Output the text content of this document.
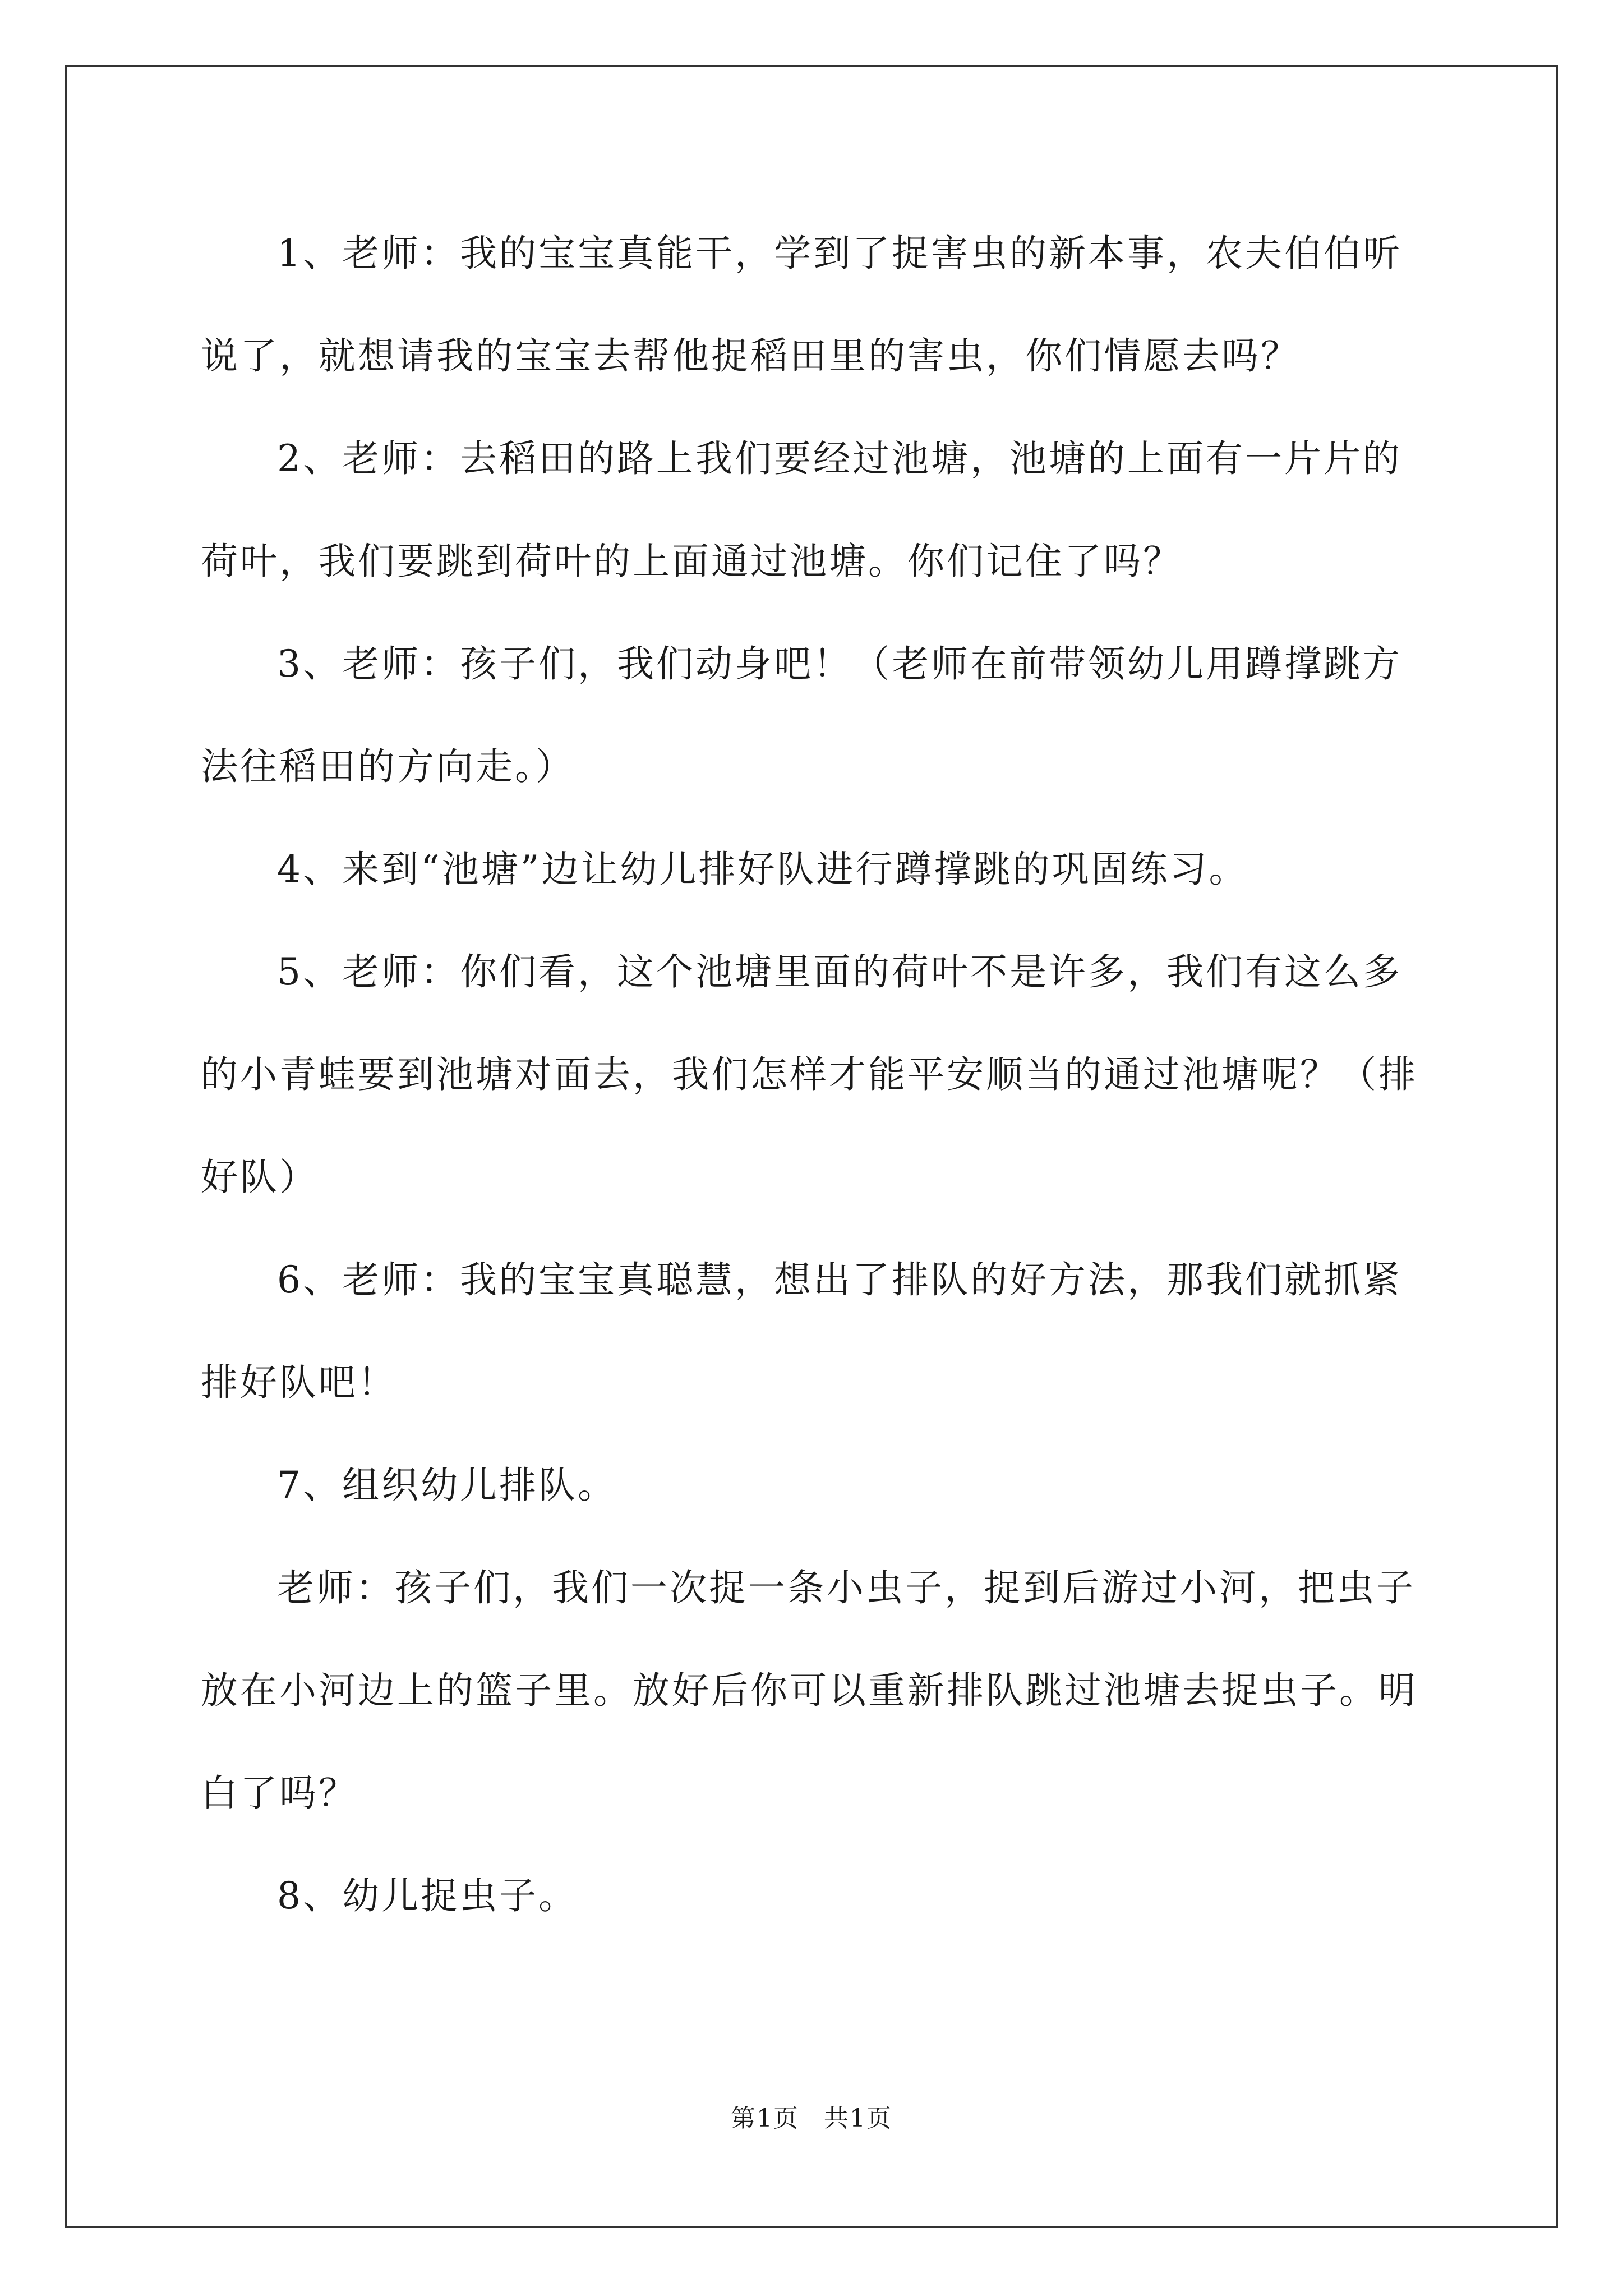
1、老师：我的宝宝真能干，学到了捉害虫的新本事，农夫伯伯听说了，就想请我的宝宝去帮他捉稻田里的害虫，你们情愿去吗？

2、老师：去稻田的路上我们要经过池塘，池塘的上面有一片片的荷叶，我们要跳到荷叶的上面通过池塘。你们记住了吗？

3、老师：孩子们，我们动身吧！（老师在前带领幼儿用蹲撑跳方法往稻田的方向走。）

4、来到“池塘”边让幼儿排好队进行蹲撑跳的巩固练习。

5、老师：你们看，这个池塘里面的荷叶不是许多，我们有这么多的小青蛙要到池塘对面去，我们怎样才能平安顺当的通过池塘呢？（排好队）

6、老师：我的宝宝真聪慧，想出了排队的好方法，那我们就抓紧排好队吧！

7、组织幼儿排队。

老师：孩子们，我们一次捉一条小虫子，捉到后游过小河，把虫子放在小河边上的篮子里。放好后你可以重新排队跳过池塘去捉虫子。明白了吗？

8、幼儿捉虫子。

第1页 共1页
